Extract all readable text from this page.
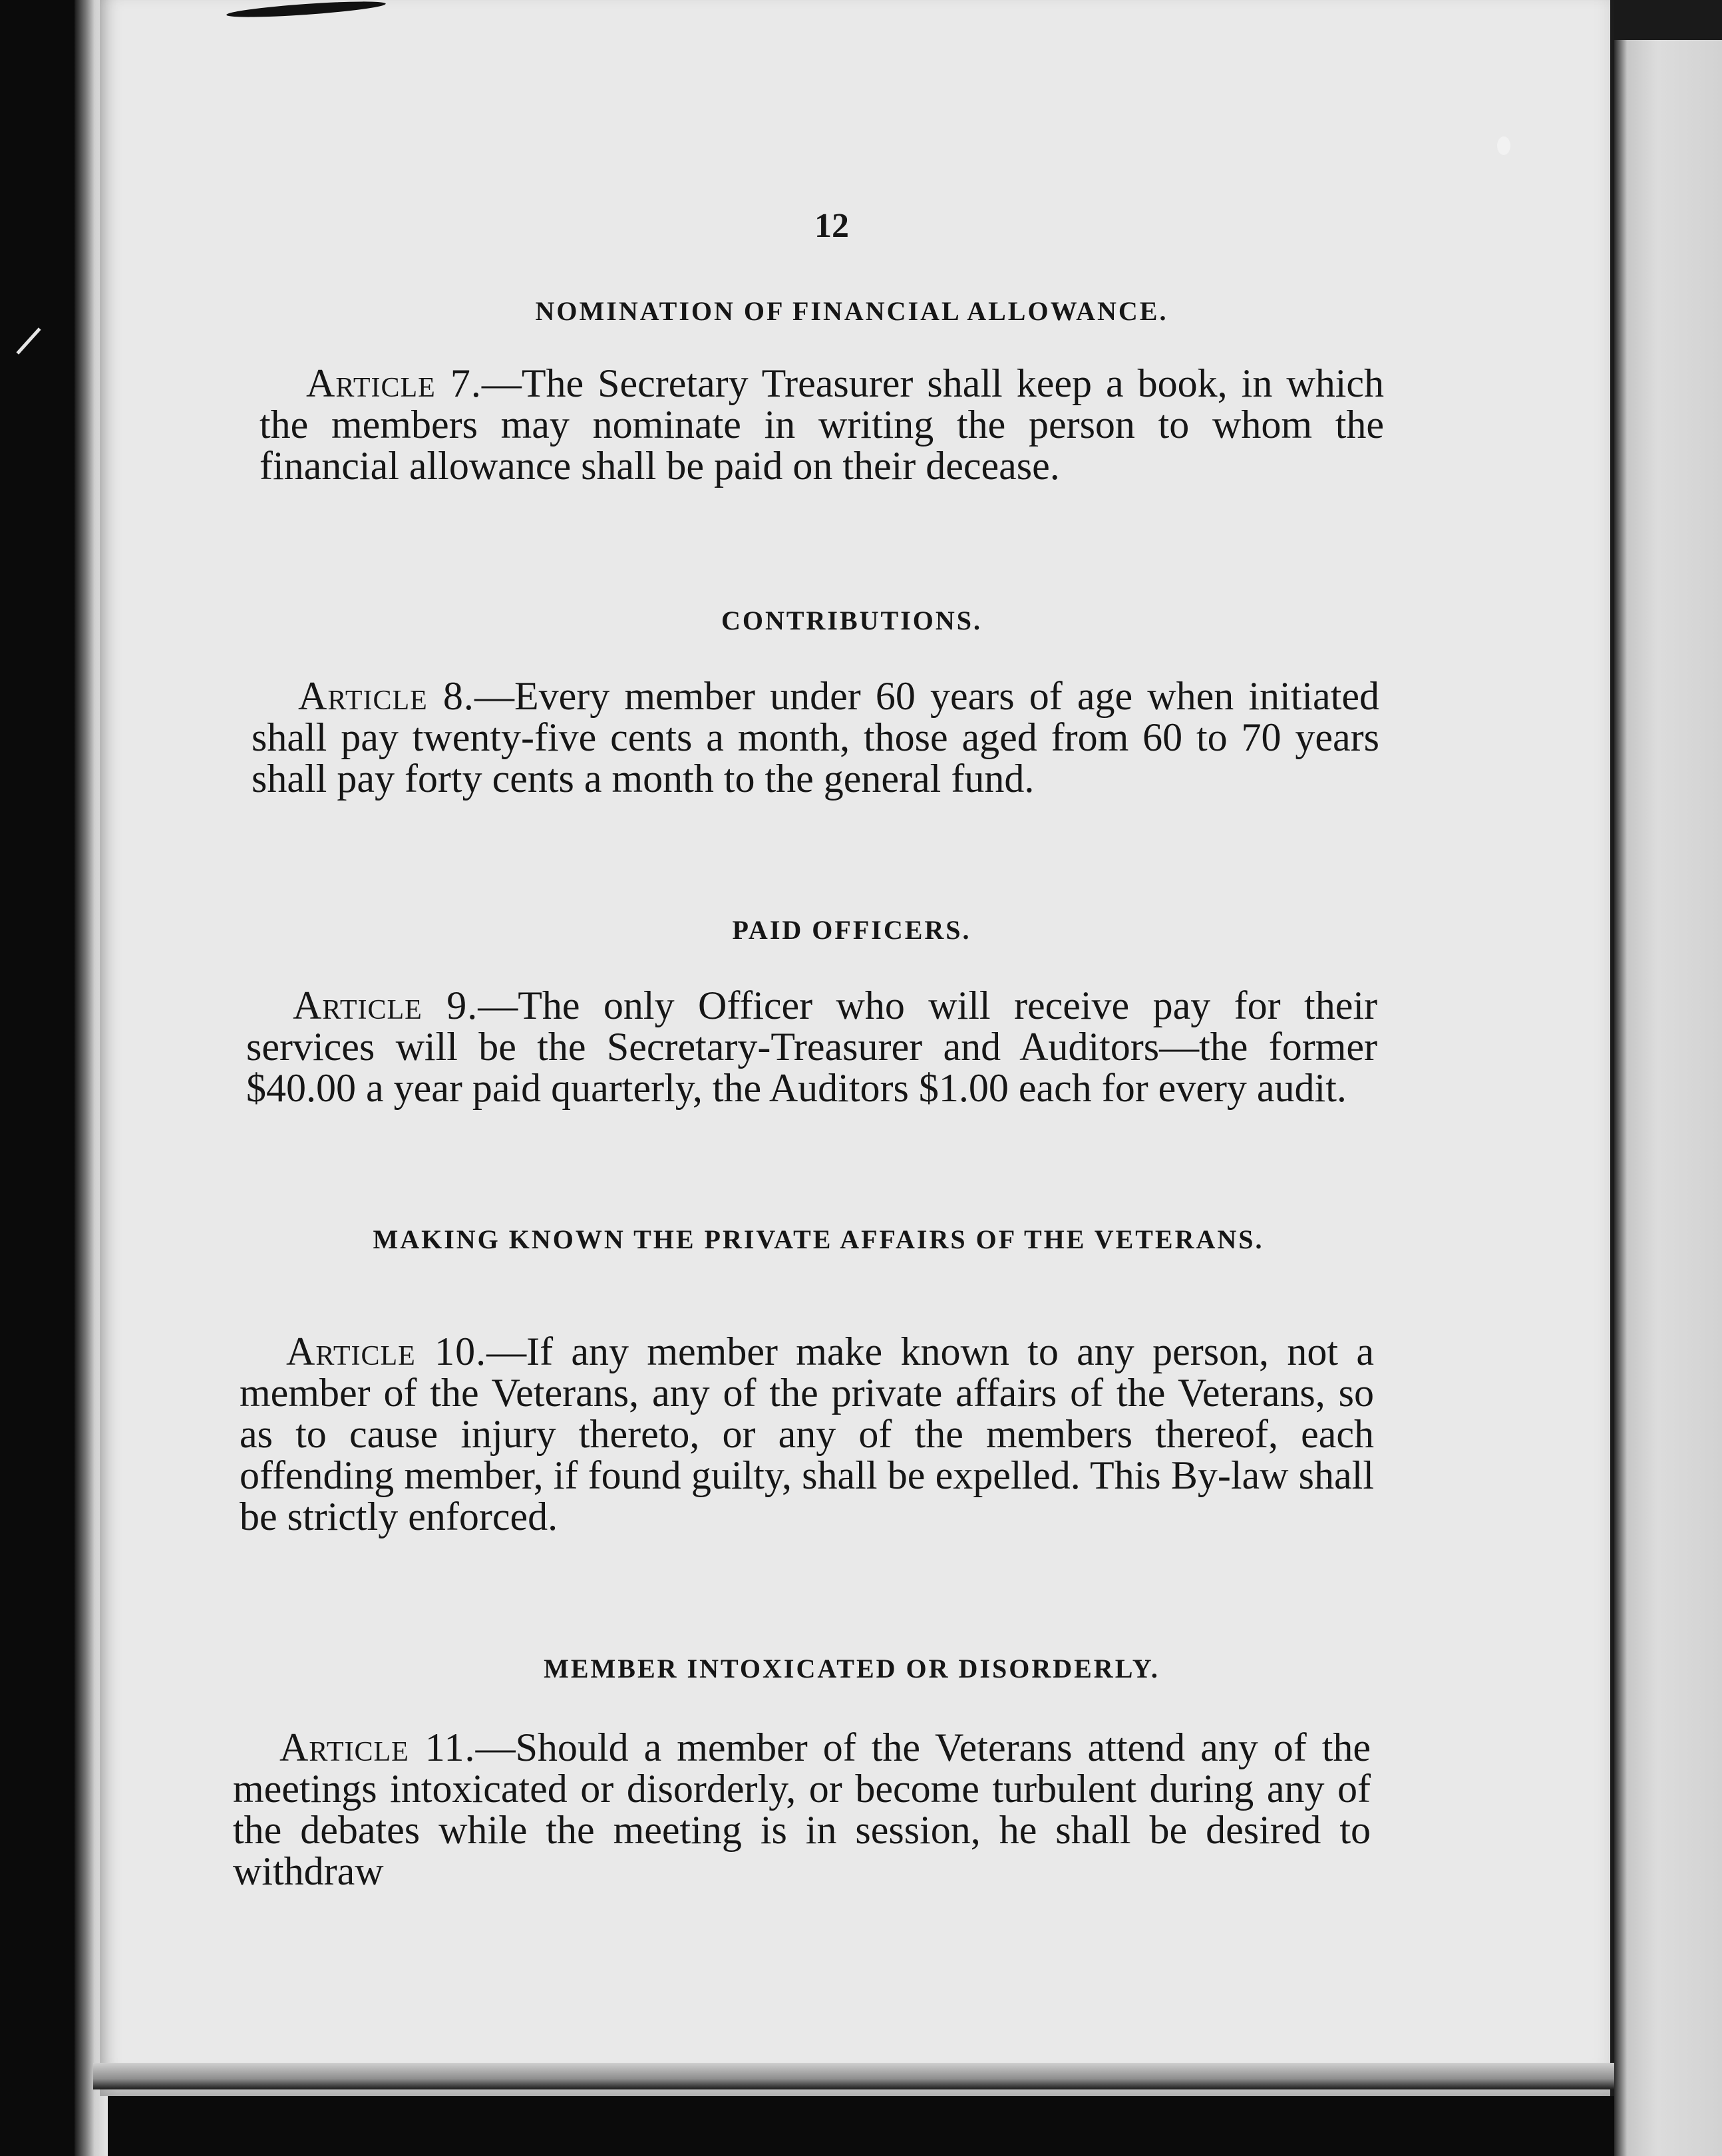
12
NOMINATION OF FINANCIAL ALLOWANCE.

Article 7.—The Secretary Treasurer shall keep a book, in which the members may nominate in writing the person to whom the financial allowance shall be paid on their decease.

CONTRIBUTIONS.

Article 8.—Every member under 60 years of age when initiated shall pay twenty-five cents a month, those aged from 60 to 70 years shall pay forty cents a month to the general fund.

PAID OFFICERS.

Article 9.—The only Officer who will receive pay for their services will be the Secretary-Treasurer and Auditors—the former $40.00 a year paid quarterly, the Auditors $1.00 each for every audit.

MAKING KNOWN THE PRIVATE AFFAIRS OF THE VETERANS.

Article 10.—If any member make known to any person, not a member of the Veterans, any of the private affairs of the Veterans, so as to cause injury thereto, or any of the members thereof, each offending member, if found guilty, shall be expelled. This By-law shall be strictly enforced.

MEMBER INTOXICATED OR DISORDERLY.

Article 11.—Should a member of the Veterans attend any of the meetings intoxicated or disorderly, or become turbulent during any of the debates while the meeting is in session, he shall be desired to withdraw
